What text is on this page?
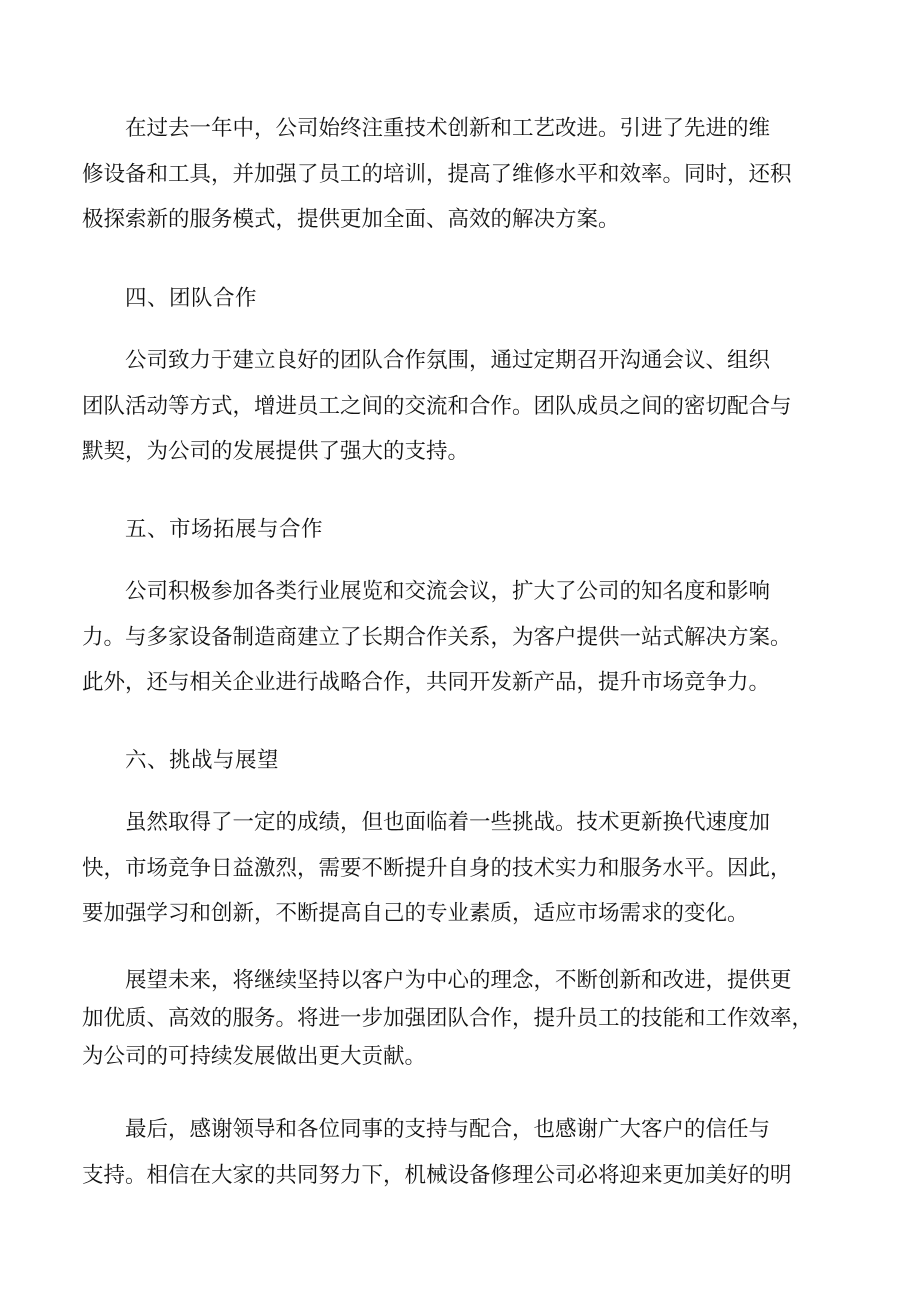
在过去一年中，公司始终注重技术创新和工艺改进。引进了先进的维
修设备和工具，并加强了员工的培训，提高了维修水平和效率。同时，还积
极探索新的服务模式，提供更加全面、高效的解决方案。
四、团队合作
公司致力于建立良好的团队合作氛围，通过定期召开沟通会议、组织
团队活动等方式，增进员工之间的交流和合作。团队成员之间的密切配合与
默契，为公司的发展提供了强大的支持。
五、市场拓展与合作
公司积极参加各类行业展览和交流会议，扩大了公司的知名度和影响
力。与多家设备制造商建立了长期合作关系，为客户提供一站式解决方案。
此外，还与相关企业进行战略合作，共同开发新产品，提升市场竞争力。
六、挑战与展望
虽然取得了一定的成绩，但也面临着一些挑战。技术更新换代速度加
快，市场竞争日益激烈，需要不断提升自身的技术实力和服务水平。因此，
要加强学习和创新，不断提高自己的专业素质，适应市场需求的变化。
展望未来，将继续坚持以客户为中心的理念，不断创新和改进，提供更
加优质、高效的服务。将进一步加强团队合作，提升员工的技能和工作效率，
为公司的可持续发展做出更大贡献。
最后，感谢领导和各位同事的支持与配合，也感谢广大客户的信任与
支持。相信在大家的共同努力下，机械设备修理公司必将迎来更加美好的明
